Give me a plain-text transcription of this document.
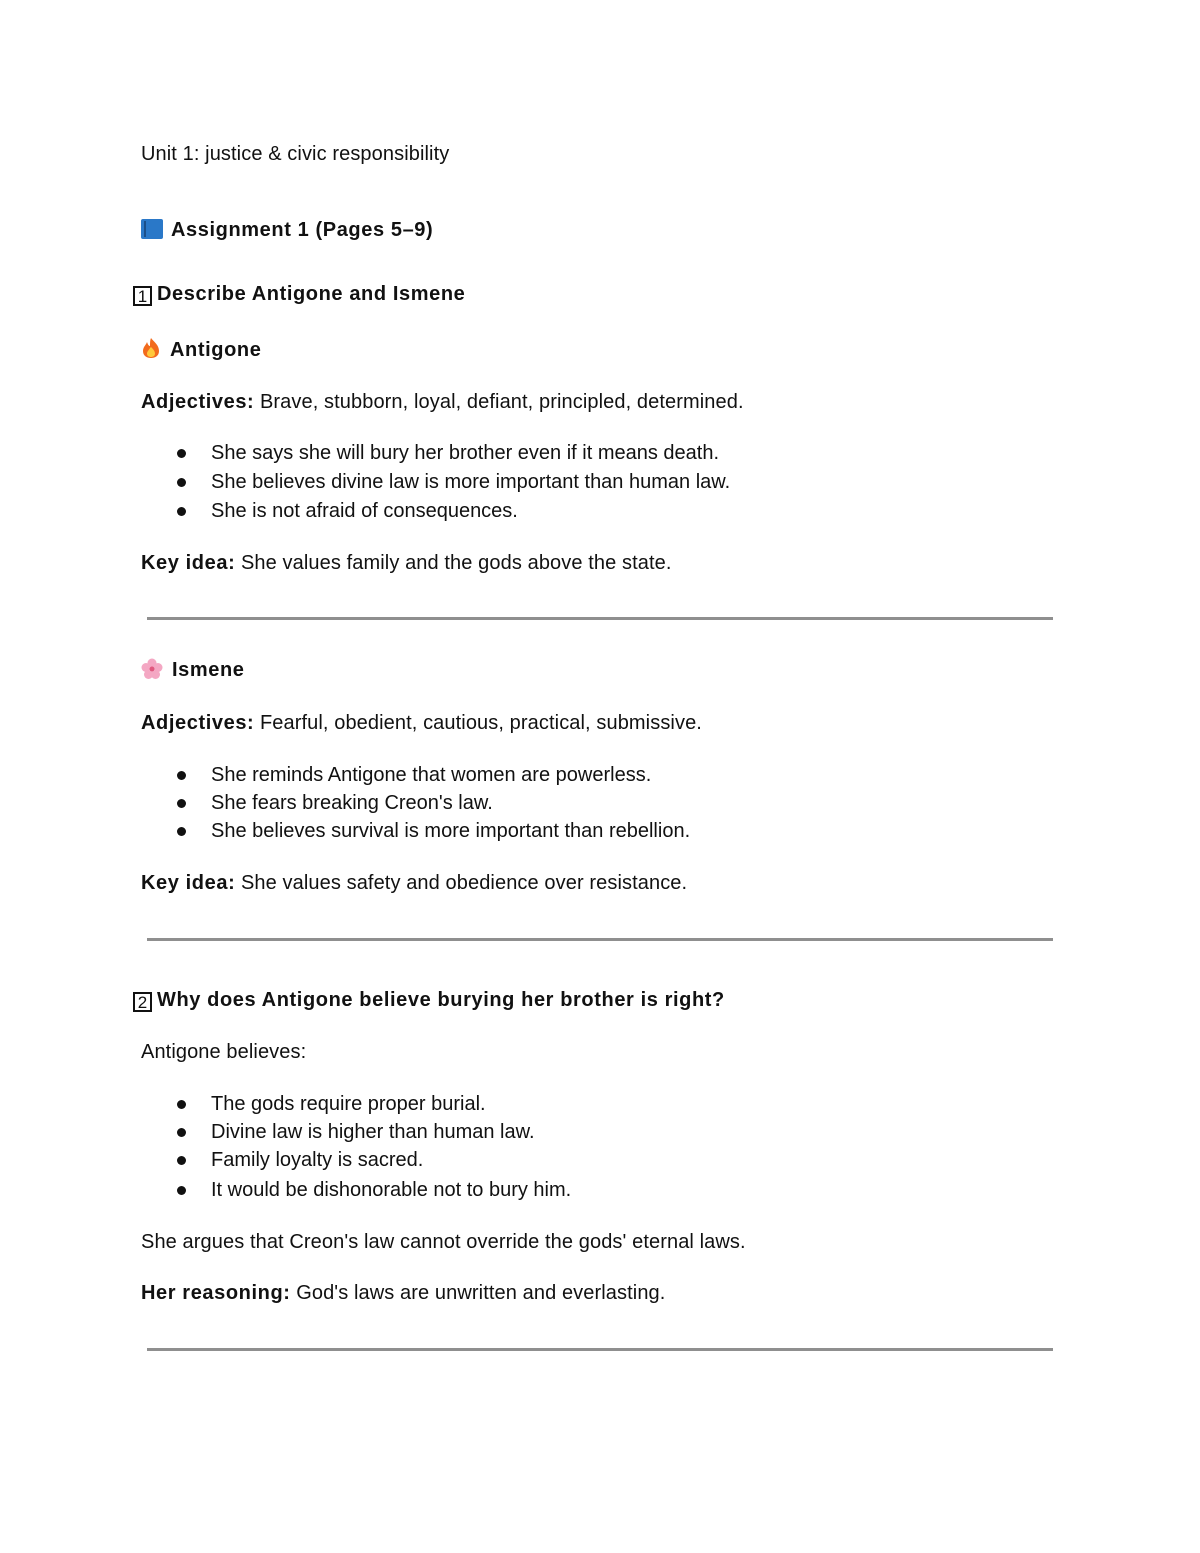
Unit 1: justice & civic responsibility
Assignment 1 (Pages 5–9)
1 Describe Antigone and Ismene
Antigone
Adjectives: Brave, stubborn, loyal, defiant, principled, determined.
She says she will bury her brother even if it means death.
She believes divine law is more important than human law.
She is not afraid of consequences.
Key idea: She values family and the gods above the state.
Ismene
Adjectives: Fearful, obedient, cautious, practical, submissive.
She reminds Antigone that women are powerless.
She fears breaking Creon's law.
She believes survival is more important than rebellion.
Key idea: She values safety and obedience over resistance.
2 Why does Antigone believe burying her brother is right?
Antigone believes:
The gods require proper burial.
Divine law is higher than human law.
Family loyalty is sacred.
It would be dishonorable not to bury him.
She argues that Creon's law cannot override the gods' eternal laws.
Her reasoning: God's laws are unwritten and everlasting.
